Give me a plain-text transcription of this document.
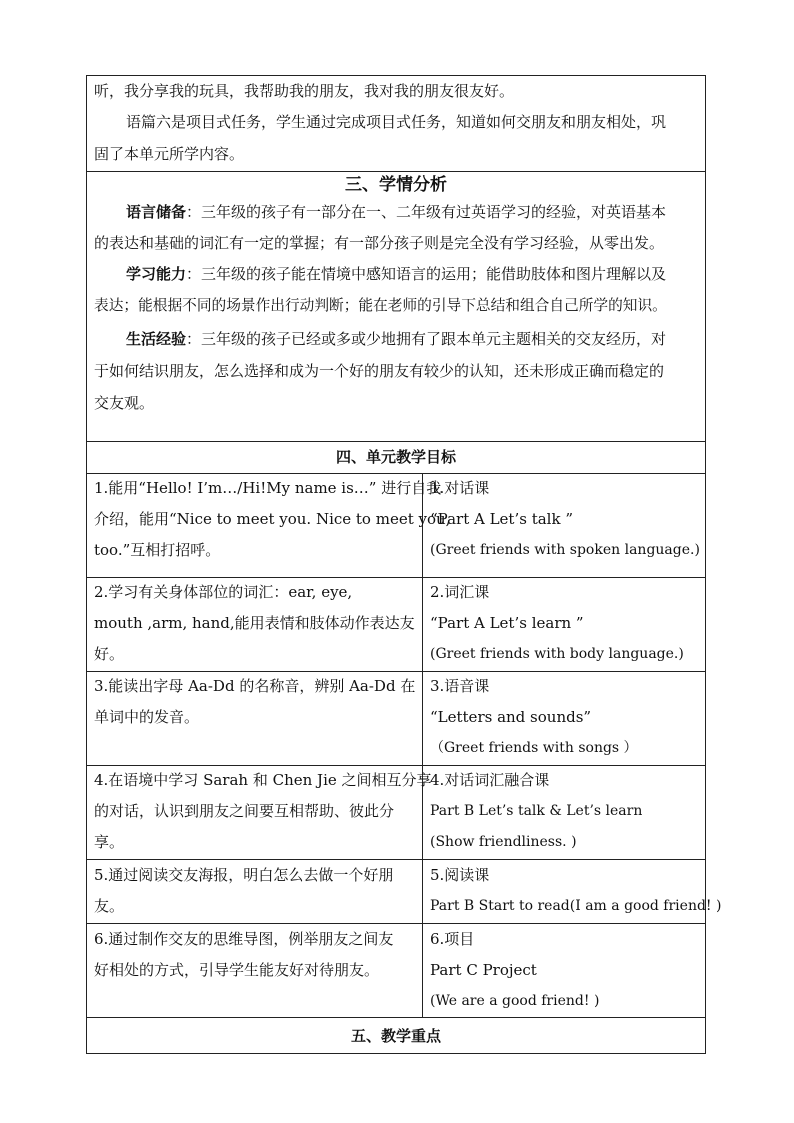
听，我分享我的玩具，我帮助我的朋友，我对我的朋友很友好。
语篇六是项目式任务，学生通过完成项目式任务，知道如何交朋友和朋友相处，巩
固了本单元所学内容。
三、学情分析
语言储备：三年级的孩子有一部分在一、二年级有过英语学习的经验，对英语基本
的表达和基础的词汇有一定的掌握；有一部分孩子则是完全没有学习经验，从零出发。
学习能力：三年级的孩子能在情境中感知语言的运用；能借助肢体和图片理解以及
表达；能根据不同的场景作出行动判断；能在老师的引导下总结和组合自己所学的知识。
生活经验：三年级的孩子已经或多或少地拥有了跟本单元主题相关的交友经历，对
于如何结识朋友，怎么选择和成为一个好的朋友有较少的认知，还未形成正确而稳定的
交友观。
四、单元教学目标
1.能用“Hello! I’m…/Hi!My name is…” 进行自我
介绍，能用“Nice to meet you. Nice to meet you,
too.”互相打招呼。
1.对话课
“Part A Let’s talk ”
(Greet friends with spoken language.)
2.学习有关身体部位的词汇：ear, eye,
mouth ,arm, hand,能用表情和肢体动作表达友
好。
2.词汇课
“Part A Let’s learn ”
(Greet friends with body language.)
3.能读出字母 Aa-Dd 的名称音，辨别 Aa-Dd 在
单词中的发音。
3.语音课
“Letters and sounds”
（Greet friends with songs ）
4.在语境中学习 Sarah 和 Chen Jie 之间相互分享
的对话，认识到朋友之间要互相帮助、彼此分
享。
4.对话词汇融合课
Part B Let’s talk & Let’s learn
(Show friendliness. )
5.通过阅读交友海报，明白怎么去做一个好朋
友。
5.阅读课
Part B Start to read(I am a good friend! )
6.通过制作交友的思维导图，例举朋友之间友
好相处的方式，引导学生能友好对待朋友。
6.项目
Part C Project
(We are a good friend! )
五、教学重点
